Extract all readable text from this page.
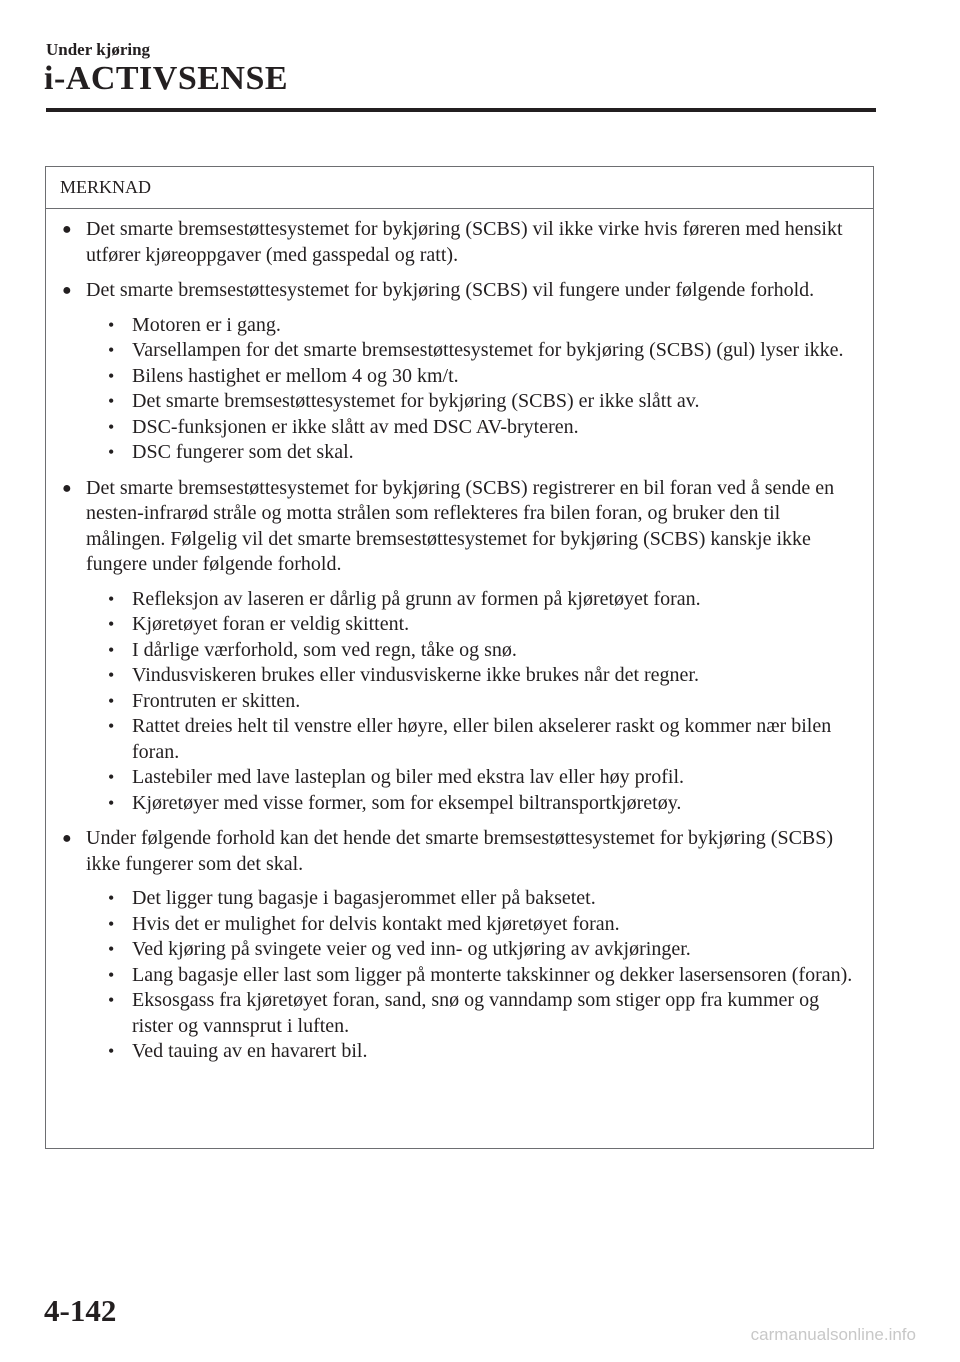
Under kjøring
i-ACTIVSENSE
MERKNAD
● Det smarte bremsestøttesystemet for bykjøring (SCBS) vil ikke virke hvis føreren med hensikt utfører kjøreoppgaver (med gasspedal og ratt).
● Det smarte bremsestøttesystemet for bykjøring (SCBS) vil fungere under følgende forhold.
• Motoren er i gang.
• Varsellampen for det smarte bremsestøttesystemet for bykjøring (SCBS) (gul) lyser ikke.
• Bilens hastighet er mellom 4 og 30 km/t.
• Det smarte bremsestøttesystemet for bykjøring (SCBS) er ikke slått av.
• DSC-funksjonen er ikke slått av med DSC AV-bryteren.
• DSC fungerer som det skal.
● Det smarte bremsestøttesystemet for bykjøring (SCBS) registrerer en bil foran ved å sende en nesten-infrarød stråle og motta strålen som reflekteres fra bilen foran, og bruker den til målingen. Følgelig vil det smarte bremsestøttesystemet for bykjøring (SCBS) kanskje ikke fungere under følgende forhold.
• Refleksjon av laseren er dårlig på grunn av formen på kjøretøyet foran.
• Kjøretøyet foran er veldig skittent.
• I dårlige værforhold, som ved regn, tåke og snø.
• Vindusviskeren brukes eller vindusviskerne ikke brukes når det regner.
• Frontruten er skitten.
• Rattet dreies helt til venstre eller høyre, eller bilen akselerer raskt og kommer nær bilen foran.
• Lastebiler med lave lasteplan og biler med ekstra lav eller høy profil.
• Kjøretøyer med visse former, som for eksempel biltransportkjøretøy.
● Under følgende forhold kan det hende det smarte bremsestøttesystemet for bykjøring (SCBS) ikke fungerer som det skal.
• Det ligger tung bagasje i bagasjerommet eller på baksetet.
• Hvis det er mulighet for delvis kontakt med kjøretøyet foran.
• Ved kjøring på svingete veier og ved inn- og utkjøring av avkjøringer.
• Lang bagasje eller last som ligger på monterte takskinner og dekker lasersensoren (foran).
• Eksosgass fra kjøretøyet foran, sand, snø og vanndamp som stiger opp fra kummer og rister og vannsprut i luften.
• Ved tauing av en havarert bil.
4-142
carmanualsonline.info
